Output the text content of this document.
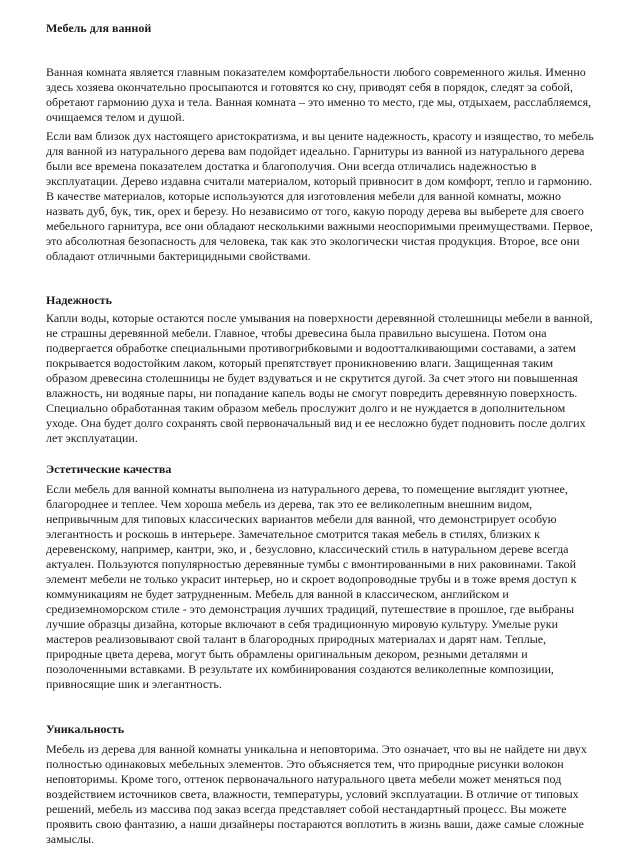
Мебель для ванной

Ванная комната является главным показателем комфортабельности любого современного жилья. Именно здесь хозяева окончательно просыпаются и готовятся ко сну, приводят себя в порядок, следят за собой, обретают гармонию духа и тела. Ванная комната – это именно то место, где мы, отдыхаем, расслабляемся, очищаемся телом и душой.

Если вам близок дух настоящего аристократизма, и вы цените надежность, красоту и изящество, то мебель для ванной из натурального дерева вам подойдет идеально. Гарнитуры из ванной из натурального дерева были все времена показателем достатка и благополучия. Они всегда отличались надежностью в эксплуатации. Дерево издавна считали материалом, который привносит в дом комфорт, тепло и гармонию. В качестве материалов, которые используются для изготовления мебели для ванной комнаты, можно назвать дуб, бук, тик, орех и березу. Но независимо от того, какую породу дерева вы выберете для своего мебельного гарнитура, все они обладают несколькими важными неоспоримыми преимуществами. Первое, это абсолютная безопасность для человека, так как это экологически чистая продукция. Второе, все они обладают отличными бактерицидными свойствами.

Надежность

Капли воды, которые остаются после умывания на поверхности деревянной столешницы мебели в ванной, не страшны деревянной мебели. Главное, чтобы древесина была правильно высушена. Потом она подвергается обработке специальными противогрибковыми и водоотталкивающими составами, а затем покрывается водостойким лаком, который препятствует проникновению влаги. Защищенная таким образом древесина столешницы не будет вздуваться и не скрутится дугой. За счет этого ни повышенная влажность, ни водяные пары, ни попадание капель воды не смогут повредить деревянную поверхность. Специально обработанная таким образом мебель прослужит долго и не нуждается в дополнительном уходе. Она будет долго сохранять свой первоначальный вид и ее несложно будет подновить после долгих лет эксплуатации.

Эстетические качества

Если мебель для ванной комнаты выполнена из натурального дерева, то помещение выглядит уютнее, благороднее и теплее. Чем хороша мебель из дерева, так это ее великолепным внешним видом, непривычным для типовых классических вариантов мебели для ванной, что демонстрирует особую элегантность и роскошь в интерьере. Замечательное смотрится такая мебель в стилях, близких к деревенскому, например, кантри, эко, и , безусловно, классический стиль в натуральном дереве всегда актуален. Пользуются популярностью деревянные тумбы с вмонтированными в них раковинами. Такой элемент мебели не только украсит интерьер, но и скроет водопроводные трубы и в тоже время доступ к коммуникациям не будет затрудненным. Мебель для ванной в классическом, английском и средиземноморском стиле - это демонстрация лучших традиций, путешествие в прошлое, где выбраны лучшие образцы дизайна, которые включают в себя традиционную мировую культуру. Умелые руки мастеров реализовывают свой талант в благородных природных материалах и дарят нам. Теплые, природные цвета дерева, могут быть обрамлены оригинальным декором, резными деталями и позолоченными вставками. В результате их комбинирования создаются великолепные композиции, привносящие шик и элегантность.

Уникальность

Мебель из дерева для ванной комнаты уникальна и неповторима. Это означает, что вы не найдете ни двух полностью одинаковых мебельных элементов. Это объясняется тем, что природные рисунки волокон неповторимы. Кроме того, оттенок первоначального натурального цвета мебели может меняться под воздействием источников света, влажности, температуры, условий эксплуатации. В отличие от типовых решений, мебель из массива под заказ всегда представляет собой нестандартный процесс. Вы можете проявить свою фантазию, а наши дизайнеры постараются воплотить в жизнь ваши, даже самые сложные замыслы.
